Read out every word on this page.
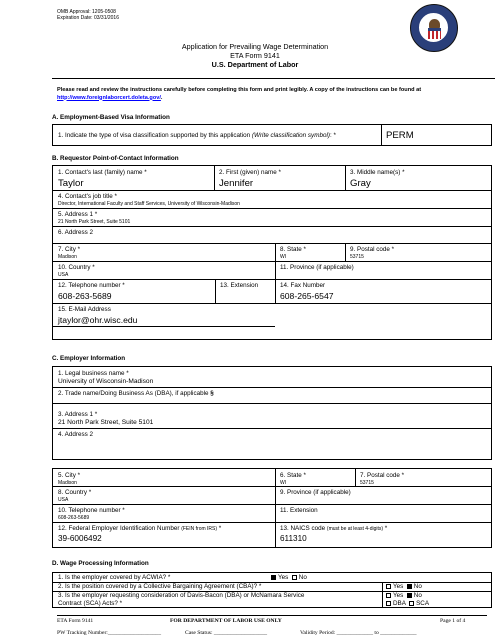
OMB Approval: 1205-0508
Expiration Date: 03/31/2016
Application for Prevailing Wage Determination
ETA Form 9141
U.S. Department of Labor
Please read and review the instructions carefully before completing this form and print legibly. A copy of the instructions can be found at http://www.foreignlaborcert.doleta.gov/.
A. Employment-Based Visa Information
1. Indicate the type of visa classification supported by this application (Write classification symbol): *	PERM
B. Requestor Point-of-Contact Information
1. Contact's last (family) name *
Taylor
2. First (given) name *
Jennifer
3. Middle name(s) *
Gray
4. Contact's job title *
Director, International Faculty and Staff Services, University of Wisconsin-Madison
5. Address 1 *
21 North Park Street, Suite 5101
6. Address 2
7. City *
Madison
8. State *
WI
9. Postal code *
53715
10. Country *
USA
11. Province (if applicable)
12. Telephone number *
608-263-5689
13. Extension	14. Fax Number
608-265-6547
15. E-Mail Address
jtaylor@ohr.wisc.edu
C. Employer Information
1. Legal business name *
University of Wisconsin-Madison
2. Trade name/Doing Business As (DBA), if applicable §
3. Address 1 *
21 North Park Street, Suite 5101
4. Address 2
5. City *
Madison
6. State *
WI
7. Postal code *
53715
8. Country *
USA
9. Province (if applicable)
10. Telephone number *
608-263-5689
11. Extension
12. Federal Employer Identification Number (FEIN from IRS) *
39-6006492
13. NAICS code (must be at least 4-digits) *
611310
D. Wage Processing Information
1. Is the employer covered by ACWIA? *	Yes No
2. Is the position covered by a Collective Bargaining Agreement (CBA)? *	Yes No
3. Is the employer requesting consideration of Davis-Bacon (DBA) or McNamara Service
Contract (SCA) Acts? *
Yes No
DBA SCA
ETA Form 9141	FOR DEPARTMENT OF LABOR USE ONLY	Page 1 of 4
PW Tracking Number:___________________	Case Status: ___________________	Validity Period: _____________ to _____________
